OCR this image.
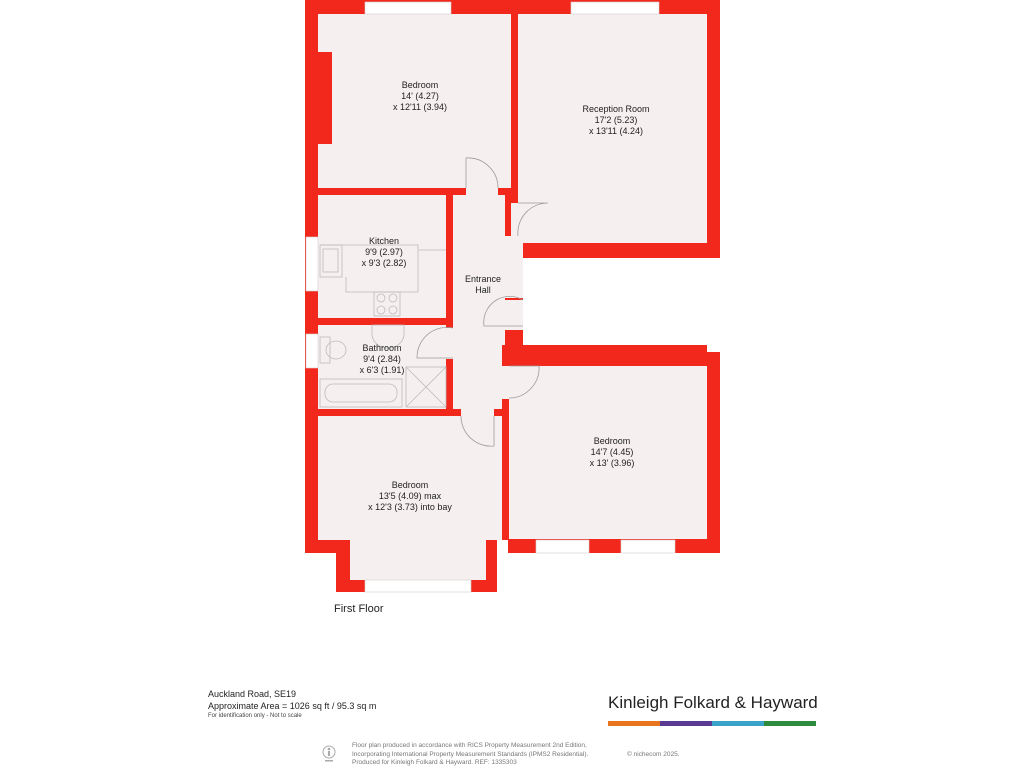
Bedroom
14' (4.27)
x 12'11 (3.94)	Reception Room
17'2 (5.23)
x 13'11 (4.24)
Kitchen
9'9 (2.97)
x 9'3 (2.82)
Entrance
Hall
Bathroom
9'4 (2.84)
x 6'3 (1.91)
Bedroom
14'7 (4.45)
x 13' (3.96)
Bedroom
13'5 (4.09) max
x 12'3 (3.73) into bay
First Floor
Auckland Road, SE19
Approximate Area = 1026 sq ft / 95.3 sq m
For identification only - Not to scale
Kinleigh Folkard & Hayward
Floor plan produced in accordance with RICS Property Measurement 2nd Edition,
Incorporating International Property Measurement Standards (IPMS2 Residential).
Produced for Kinleigh Folkard & Hayward. REF: 1335303
© nichecom 2025.
